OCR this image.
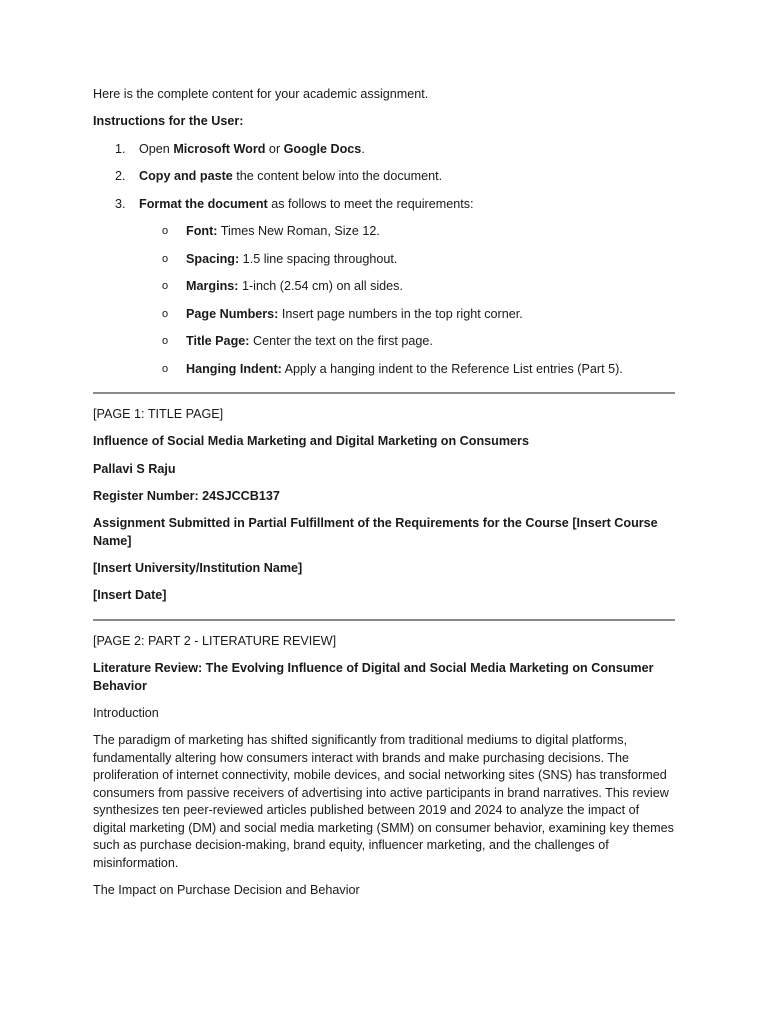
Here is the complete content for your academic assignment.

Instructions for the User:

1. Open Microsoft Word or Google Docs.
2. Copy and paste the content below into the document.
3. Format the document as follows to meet the requirements:
o Font: Times New Roman, Size 12.
o Spacing: 1.5 line spacing throughout.
o Margins: 1-inch (2.54 cm) on all sides.
o Page Numbers: Insert page numbers in the top right corner.
o Title Page: Center the text on the first page.
o Hanging Indent: Apply a hanging indent to the Reference List entries (Part 5).

[PAGE 1: TITLE PAGE]

Influence of Social Media Marketing and Digital Marketing on Consumers

Pallavi S Raju

Register Number: 24SJCCB137

Assignment Submitted in Partial Fulfillment of the Requirements for the Course [Insert Course Name]

[Insert University/Institution Name]

[Insert Date]

[PAGE 2: PART 2 - LITERATURE REVIEW]

Literature Review: The Evolving Influence of Digital and Social Media Marketing on Consumer Behavior

Introduction

The paradigm of marketing has shifted significantly from traditional mediums to digital platforms, fundamentally altering how consumers interact with brands and make purchasing decisions. The proliferation of internet connectivity, mobile devices, and social networking sites (SNS) has transformed consumers from passive receivers of advertising into active participants in brand narratives. This review synthesizes ten peer-reviewed articles published between 2019 and 2024 to analyze the impact of digital marketing (DM) and social media marketing (SMM) on consumer behavior, examining key themes such as purchase decision-making, brand equity, influencer marketing, and the challenges of misinformation.

The Impact on Purchase Decision and Behavior
